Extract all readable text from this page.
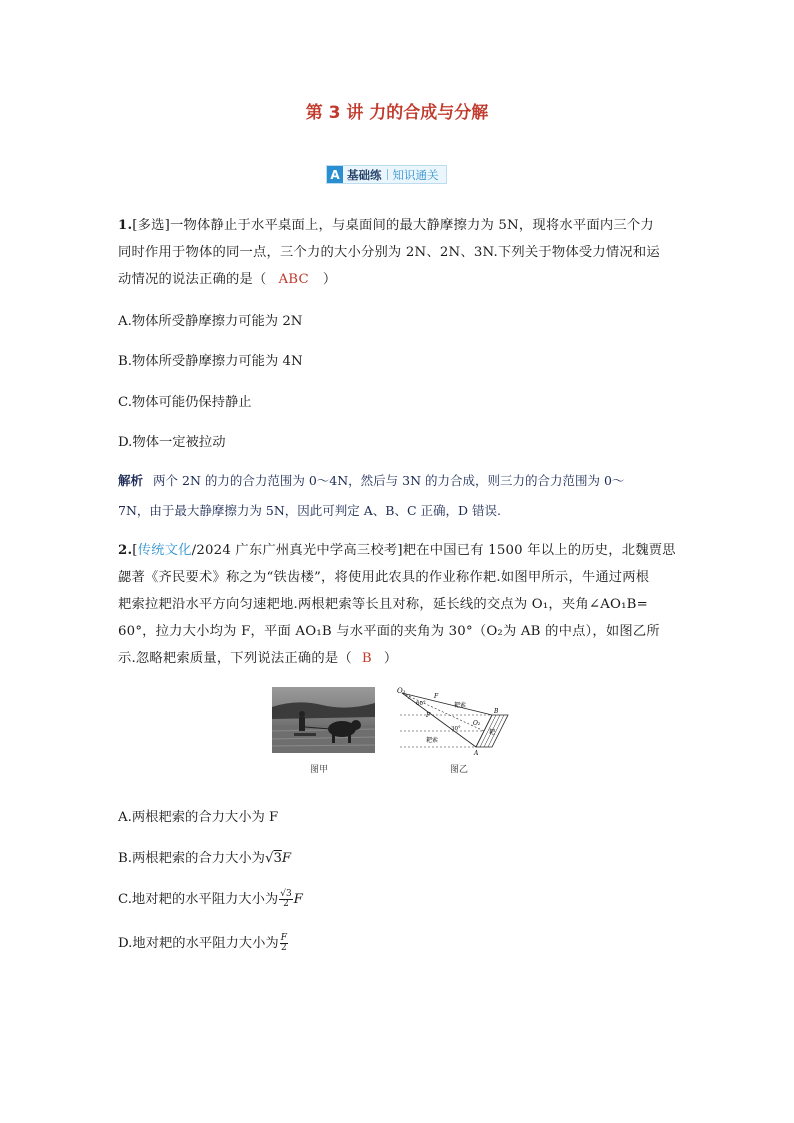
第 3 讲 力的合成与分解
A 基础练 知识通关
1.[多选]一物体静止于水平桌面上，与桌面间的最大静摩擦力为 5N，现将水平面内三个力
同时作用于物体的同一点，三个力的大小分别为 2N、2N、3N.下列关于物体受力情况和运
动情况的说法正确的是（ ABC ）
A.物体所受静摩擦力可能为 2N
B.物体所受静摩擦力可能为 4N
C.物体可能仍保持静止
D.物体一定被拉动
解析 两个 2N 的力的合力范围为 0～4N，然后与 3N 的力合成，则三力的合力范围为 0～
7N，由于最大静摩擦力为 5N，因此可判定 A、B、C 正确，D 错误.
2.[传统文化/2024 广东广州真光中学高三校考]耙在中国已有 1500 年以上的历史，北魏贾思
勰著《齐民要术》称之为“铁齿楼”，将使用此农具的作业称作耙.如图甲所示，牛通过两根
耙索拉耙沿水平方向匀速耙地.两根耙索等长且对称，延长线的交点为 O₁，夹角∠AO₁B=
60°，拉力大小均为 F，平面 AO₁B 与水平面的夹角为 30°（O₂为 AB 的中点），如图乙所
示.忽略耙索质量，下列说法正确的是（ B ）
图甲
O₁
F
F
60°
30°
O₂
B
A
耙索
耙索
耙
图乙
A.两根耙索的合力大小为 F
B.两根耙索的合力大小为√3F
C.地对耙的水平阻力大小为 $\frac{√3}{2}$ F
D.地对耙的水平阻力大小为 $\frac{F}{2}$
